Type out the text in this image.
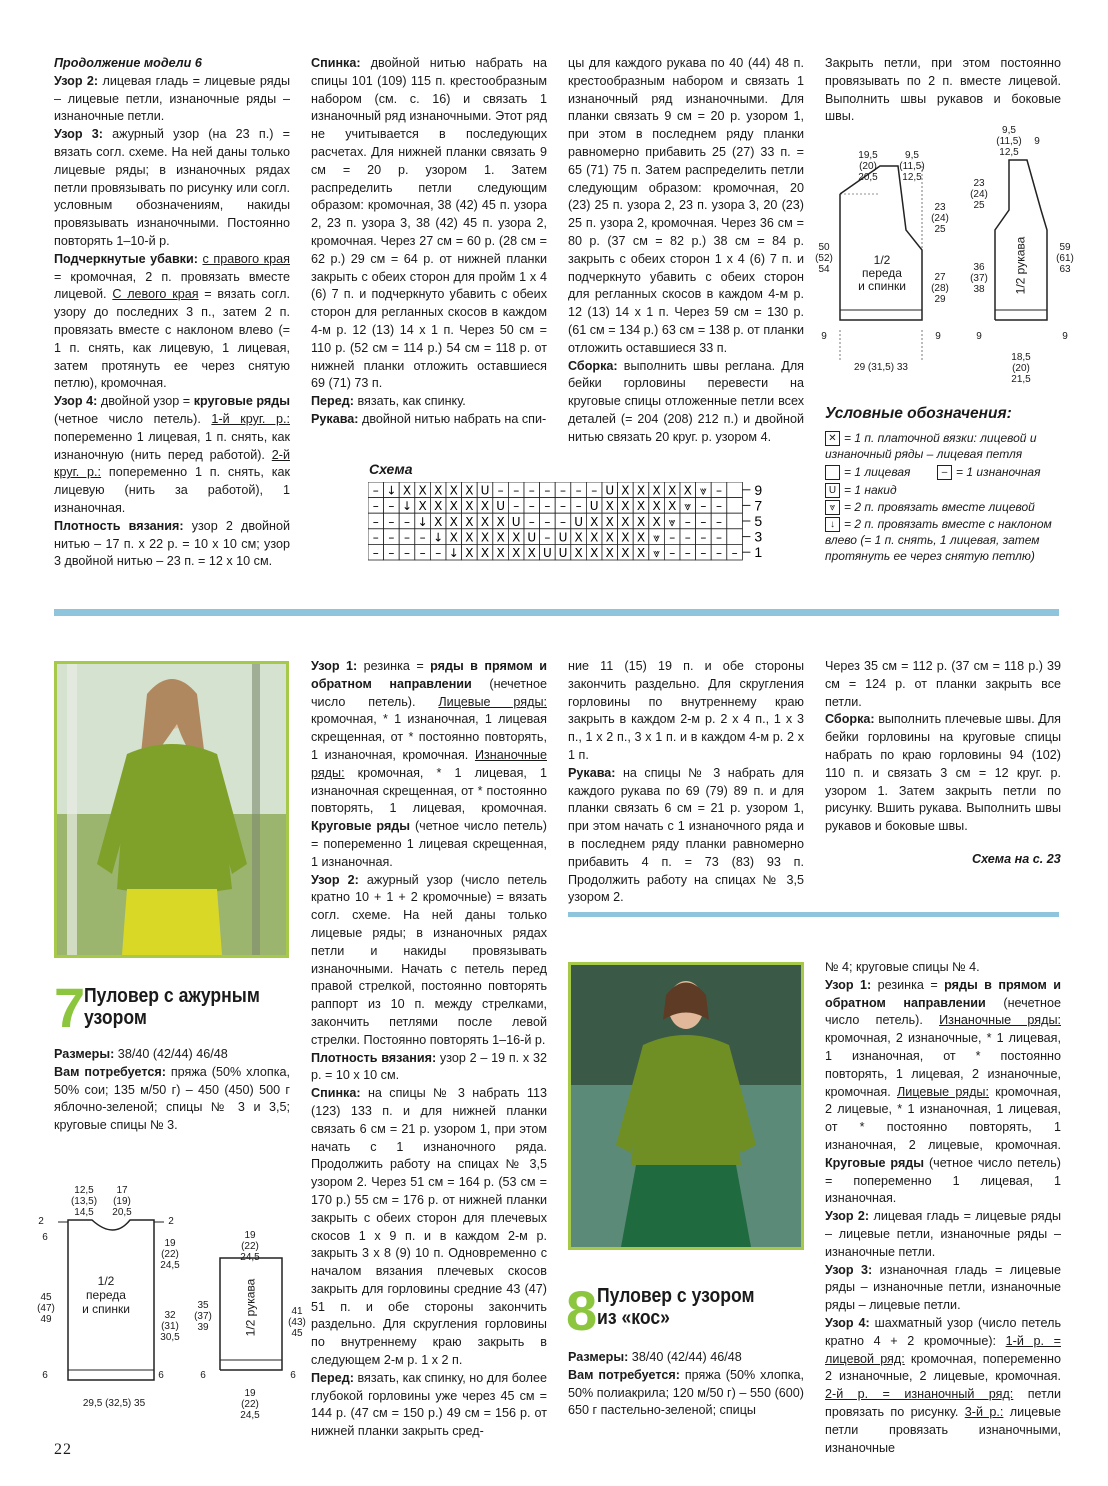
Продолжение модели 6

Узор 2: лицевая гладь = лицевые ряды – лицевые петли, изнаночные ряды – изнаночные петли.

Узор 3: ажурный узор (на 23 п.) = вязать согл. схеме. На ней даны только лицевые ряды; в изнаночных рядах петли провязывать по рисунку или согл. условным обозначениям, накиды провязывать изнаночными. Постоянно повторять 1–10-й р.

Подчеркнутые убавки: с правого края = кромочная, 2 п. провязать вместе лицевой. С левого края = вязать согл. узору до последних 3 п., затем 2 п. провязать вместе с наклоном влево (= 1 п. снять, как лицевую, 1 лицевая, затем протянуть ее через снятую петлю), кромочная.

Узор 4: двойной узор = круговые ряды (четное число петель). 1-й круг. р.: попеременно 1 лицевая, 1 п. снять, как изнаночную (нить перед работой). 2-й круг. р.: попеременно 1 п. снять, как лицевую (нить за работой), 1 изнаночная.

Плотность вязания: узор 2 двойной нитью – 17 п. х 22 р. = 10 х 10 см; узор 3 двойной нитью – 23 п. = 12 х 10 см.

Спинка: двойной нитью набрать на спицы 101 (109) 115 п. крестообразным набором (см. с. 16) и связать 1 изнаночный ряд изнаночными. Этот ряд не учитывается в последующих расчетах. Для нижней планки связать 9 см = 20 р. узором 1. Затем распределить петли следующим образом: кромочная, 38 (42) 45 п. узора 2, 23 п. узора 3, 38 (42) 45 п. узора 2, кромочная. Через 27 см = 60 р. (28 см = 62 р.) 29 см = 64 р. от нижней планки закрыть с обеих сторон для пройм 1 х 4 (6) 7 п. и подчеркнуто убавить с обеих сторон для регланных скосов в каждом 4-м р. 12 (13) 14 х 1 п. Через 50 см = 110 р. (52 см = 114 р.) 54 см = 118 р. от нижней планки отложить оставшиеся 69 (71) 73 п.

Перед: вязать, как спинку.

Рукава: двойной нитью набрать на спи-

цы для каждого рукава по 40 (44) 48 п. крестообразным набором и связать 1 изнаночный ряд изнаночными. Для планки связать 9 см = 20 р. узором 1, при этом в последнем ряду планки равномерно прибавить 25 (27) 33 п. = 65 (71) 75 п. Затем распределить петли следующим образом: кромочная, 20 (23) 25 п. узора 2, 23 п. узора 3, 20 (23) 25 п. узора 2, кромочная. Через 36 см = 80 р. (37 см = 82 р.) 38 см = 84 р. закрыть с обеих сторон 1 х 4 (6) 7 п. и подчеркнуто убавить с обеих сторон для регланных скосов в каждом 4-м р. 12 (13) 14 х 1 п. Через 59 см = 130 р. (61 см = 134 р.) 63 см = 138 р. от планки отложить оставшиеся 33 п.

Сборка: выполнить швы реглана. Для бейки горловины перевести на круговые спицы отложенные петли всех деталей (= 204 (208) 212 п.) и двойной нитью связать 20 круг. р. узором 4.

Закрыть петли, при этом постоянно провязывать по 2 п. вместе лицевой. Выполнить швы рукавов и боковые швы.

19,5
(20)
20,5
9,5
(11,5)
12,5
23
(24)
25
27
(28)
29
50
(52)
54
9	9
29 (31,5) 33
1/2
переда
и спинки
9,5
(11,5)
12,5
9
23
(24)
25
36
(37)
38
59
(61)
63
9	9
18,5
(20)
21,5
1/2 рукава
Схема
– ↓ X X X X X U – – – – – – – U X X X X X ⩔ –
– – ↓ X X X X X U – – – – – U X X X X X ⩔ – –
– – – ↓ X X X X X U – – – U X X X X X ⩔ – – –
– – – – ↓ X X X X X U – U X X X X X ⩔ – – – –
– – – – – ↓ X X X X X U U X X X X X ⩔ – – – – –
9
7
5
3
1
Условные обозначения:
✕ = 1 п. платочной вязки: лицевой и изнаночный ряды – лицевая петля
= 1 лицевая	– = 1 изнаночная
U = 1 накид
⩔ = 2 п. провязать вместе лицевой
↓ = 2 п. провязать вместе с наклоном влево (= 1 п. снять, 1 лицевая, затем протянуть ее через снятую петлю)
7
Пуловер с ажурным
узором

Размеры: 38/40 (42/44) 46/48

Вам потребуется: пряжа (50% хлопка, 50% сои; 135 м/50 г) – 450 (450) 500 г яблочно-зеленой; спицы № 3 и 3,5; круговые спицы № 3.

12,5
(13,5)
14,5
17
(19)
20,5
2	2
6
19
(22)
24,5
45
(47)
49	32
(31)
30,5
6	6
29,5 (32,5) 35
1/2
переда
и спинки
19
(22)
24,5
35
(37)
39
41
(43)
45
6	6
19
(22)
24,5
1/2 рукава

Узор 1: резинка = ряды в прямом и обратном направлении (нечетное число петель). Лицевые ряды: кромочная, * 1 изнаночная, 1 лицевая скрещенная, от * постоянно повторять, 1 изнаночная, кромочная. Изнаночные ряды: кромочная, * 1 лицевая, 1 изнаночная скрещенная, от * постоянно повторять, 1 лицевая, кромочная. Круговые ряды (четное число петель) = попеременно 1 лицевая скрещенная, 1 изнаночная.

Узор 2: ажурный узор (число петель кратно 10 + 1 + 2 кромочные) = вязать согл. схеме. На ней даны только лицевые ряды; в изнаночных рядах петли и накиды провязывать изнаночными. Начать с петель перед правой стрелкой, постоянно повторять раппорт из 10 п. между стрелками, закончить петлями после левой стрелки. Постоянно повторять 1–16-й р.

Плотность вязания: узор 2 – 19 п. х 32 р. = 10 х 10 см.

Спинка: на спицы № 3 набрать 113 (123) 133 п. и для нижней планки связать 6 см = 21 р. узором 1, при этом начать с 1 изнаночного ряда. Продолжить работу на спицах № 3,5 узором 2. Через 51 см = 164 р. (53 см = 170 р.) 55 см = 176 р. от нижней планки закрыть с обеих сторон для плечевых скосов 1 х 9 п. и в каждом 2-м р. закрыть 3 х 8 (9) 10 п. Одновременно с началом вязания плечевых скосов закрыть для горловины средние 43 (47) 51 п. и обе стороны закончить раздельно. Для скругления горловины по внутреннему краю закрыть в следующем 2-м р. 1 х 2 п.

Перед: вязать, как спинку, но для более глубокой горловины уже через 45 см = 144 р. (47 см = 150 р.) 49 см = 156 р. от нижней планки закрыть сред-

ние 11 (15) 19 п. и обе стороны закончить раздельно. Для скругления горловины по внутреннему краю закрыть в каждом 2-м р. 2 х 4 п., 1 х 3 п., 1 х 2 п., 3 х 1 п. и в каждом 4-м р. 2 х 1 п.

Рукава: на спицы № 3 набрать для каждого рукава по 69 (79) 89 п. и для планки связать 6 см = 21 р. узором 1, при этом начать с 1 изнаночного ряда и в последнем ряду планки равномерно прибавить 4 п. = 73 (83) 93 п. Продолжить работу на спицах № 3,5 узором 2.

Через 35 см = 112 р. (37 см = 118 р.) 39 см = 124 р. от планки закрыть все петли.

Сборка: выполнить плечевые швы. Для бейки горловины на круговые спицы набрать по краю горловины 94 (102) 110 п. и связать 3 см = 12 круг. р. узором 1. Затем закрыть петли по рисунку. Вшить рукава. Выполнить швы рукавов и боковые швы.

Схема на с. 23
8 Пуловер с узором
из «кос»

Размеры: 38/40 (42/44) 46/48

Вам потребуется: пряжа (50% хлопка, 50% полиакрила; 120 м/50 г) – 550 (600) 650 г пастельно-зеленой; спицы

№ 4; круговые спицы № 4.

Узор 1: резинка = ряды в прямом и обратном направлении (нечетное число петель). Изнаночные ряды: кромочная, 2 изнаночные, * 1 лицевая, 1 изнаночная, от * постоянно повторять, 1 лицевая, 2 изнаночные, кромочная. Лицевые ряды: кромочная, 2 лицевые, * 1 изнаночная, 1 лицевая, от * постоянно повторять, 1 изнаночная, 2 лицевые, кромочная. Круговые ряды (четное число петель) = попеременно 1 лицевая, 1 изнаночная.

Узор 2: лицевая гладь = лицевые ряды – лицевые петли, изнаночные ряды – изнаночные петли.

Узор 3: изнаночная гладь = лицевые ряды – изнаночные петли, изнаночные ряды – лицевые петли.

Узор 4: шахматный узор (число петель кратно 4 + 2 кромочные): 1-й р. = лицевой ряд: кромочная, попеременно 2 изнаночные, 2 лицевые, кромочная. 2-й р. = изнаночный ряд: петли провязать по рисунку. 3-й р.: лицевые петли провязать изнаночными, изнаночные

22
